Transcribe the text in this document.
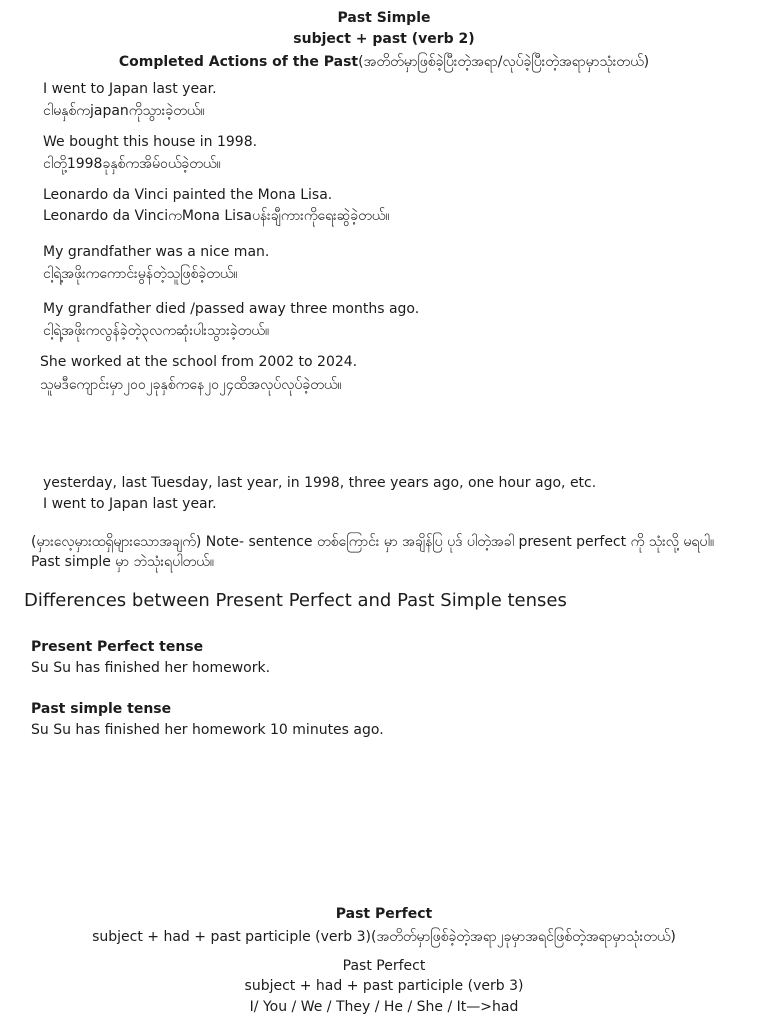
Past Simple
subject + past (verb 2)
Completed Actions of the Past(အတိတ်မှာဖြစ်ခဲ့ပြီးတဲ့အရာ/လုပ်ခဲ့ပြီးတဲ့အရာမှာသုံးတယ်)
I went to Japan last year.
ငါမနှစ်ကjapanကိုသွားခဲ့တယ်။
We bought this house in 1998.
ငါတို့1998ခုနှစ်ကအိမ်ဝယ်ခဲ့တယ်။
Leonardo da Vinci painted the Mona Lisa.
Leonardo da VinciကMona Lisaပန်းချီကားကိုရေးဆွဲခဲ့တယ်။
My grandfather was a nice man.
ငါ့ရဲ့အဖိုးကကောင်းမွန်တဲ့သူဖြစ်ခဲ့တယ်။
My grandfather died /passed away three months ago.
ငါ့ရဲ့အဖိုးကလွန်ခဲ့တဲ့၃လကဆုံးပါးသွားခဲ့တယ်။
She worked at the school from 2002 to 2024.
သူမဒီကျောင်းမှာ၂၀၀၂ခုနှစ်ကနေ၂၀၂၄ထိအလုပ်လုပ်ခဲ့တယ်။
yesterday, last Tuesday, last year, in 1998, three years ago, one hour ago, etc.
I went to Japan last year.
(မှားလေ့မှားထရှိများသောအချက်) Note- sentence တစ်ကြောင်း မှာ အချိန်ပြ ပုဒ် ပါတဲ့အခါ present perfect ကို သုံးလို့ မရပါ။ Past simple မှာ ဘဲသုံးရပါတယ်။
Differences between Present Perfect and Past Simple tenses
Present Perfect tense
Su Su has finished her homework.
Past simple tense
Su Su has finished her homework 10 minutes ago.
Past Perfect
subject + had + past participle (verb 3)(အတိတ်မှာဖြစ်ခဲ့တဲ့အရာ၂ခုမှာအရင်ဖြစ်တဲ့အရာမှာသုံးတယ်)
Past Perfect
subject + had + past participle (verb 3)
I/ You / We / They / He / She / It—>had
